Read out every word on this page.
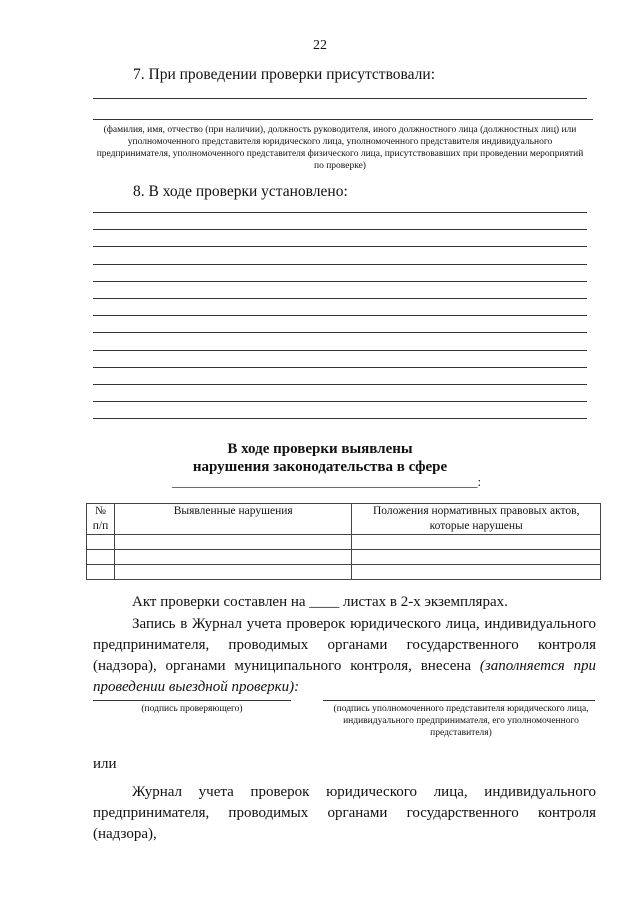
22
7. При проведении проверки присутствовали:
(фамилия, имя, отчество (при наличии), должность руководителя, иного должностного лица (должностных лиц) или уполномоченного представителя юридического лица, уполномоченного представителя индивидуального предпринимателя, уполномоченного представителя физического лица, присутствовавших при проведении мероприятий по проверке)
8. В ходе проверки установлено:
В ходе проверки выявлены
нарушения законодательства в сфере
_______________________________________________:
№ п/п	Выявленные нарушения	Положения нормативных правовых актов, которые нарушены

Акт проверки составлен на ____ листах в 2-х экземплярах.
Запись в Журнал учета проверок юридического лица, индивидуального предпринимателя, проводимых органами государственного контроля (надзора), органами муниципального контроля, внесена (заполняется при проведении выездной проверки):
(подпись проверяющего)	(подпись уполномоченного представителя юридического лица, индивидуального предпринимателя, его уполномоченного представителя)
или
Журнал учета проверок юридического лица, индивидуального предпринимателя, проводимых органами государственного контроля (надзора),
